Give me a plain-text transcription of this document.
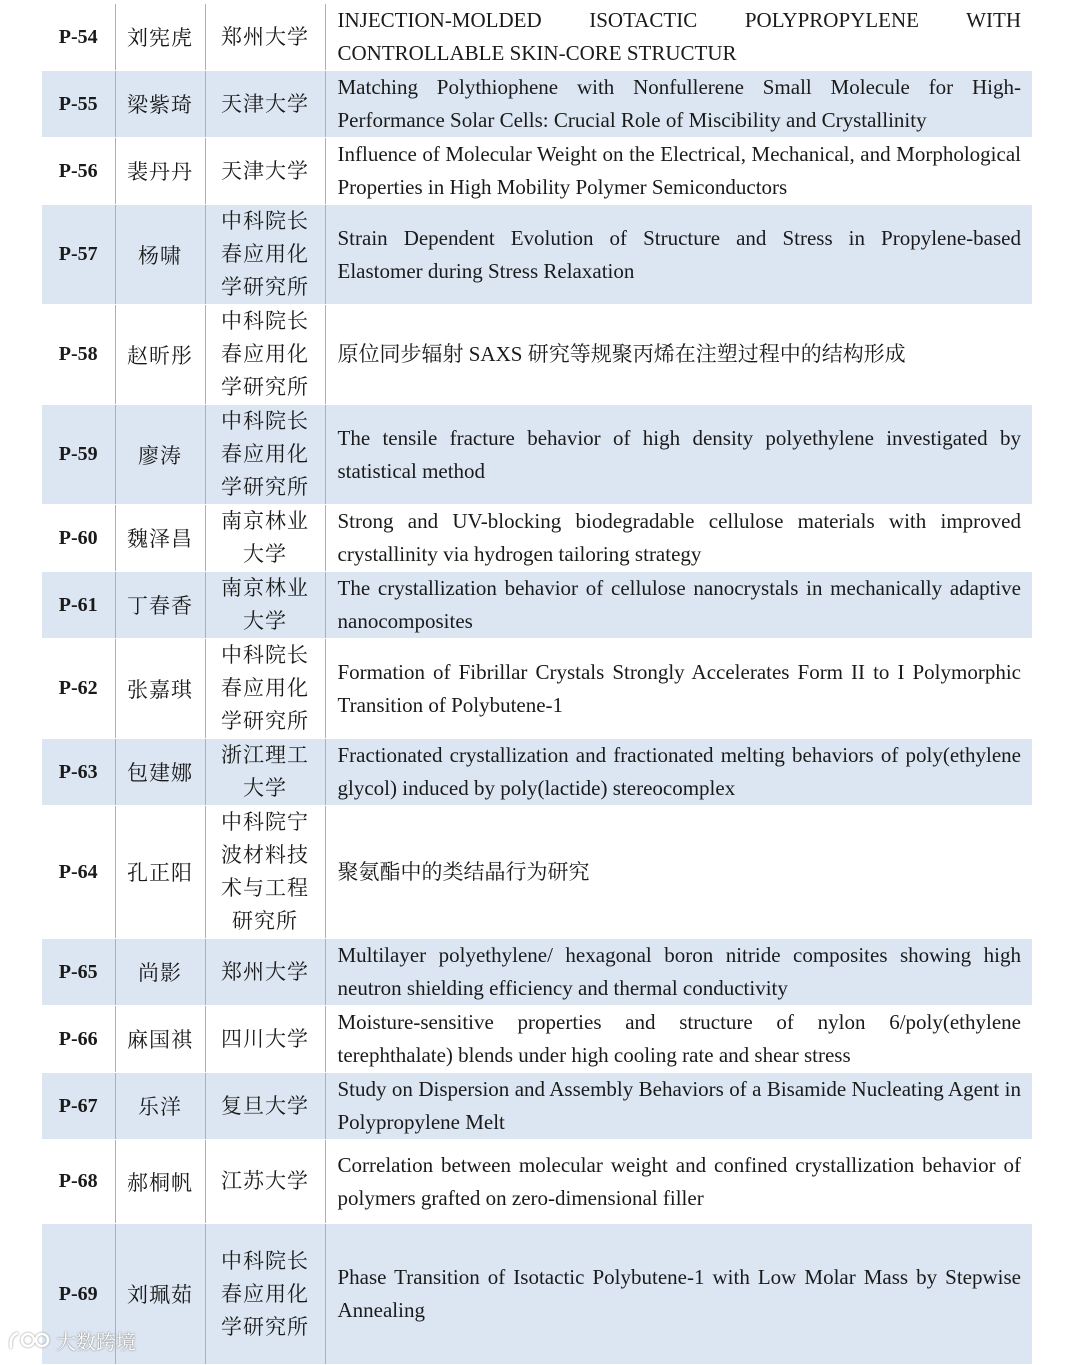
P-54	刘宪虎	郑州大学	INJECTION-MOLDED ISOTACTIC POLYPROPYLENE WITH CONTROLLABLE SKIN-CORE STRUCTUR
P-55	梁紫琦	天津大学	Matching Polythiophene with Nonfullerene Small Molecule for High-Performance Solar Cells: Crucial Role of Miscibility and Crystallinity
P-56	裴丹丹	天津大学	Influence of Molecular Weight on the Electrical, Mechanical, and Morphological Properties in High Mobility Polymer Semiconductors
P-57	杨啸	中科院长春应用化学研究所	Strain Dependent Evolution of Structure and Stress in Propylene-based Elastomer during Stress Relaxation
P-58	赵昕彤	中科院长春应用化学研究所	原位同步辐射 SAXS 研究等规聚丙烯在注塑过程中的结构形成
P-59	廖涛	中科院长春应用化学研究所	The tensile fracture behavior of high density polyethylene investigated by statistical method
P-60	魏泽昌	南京林业大学	Strong and UV-blocking biodegradable cellulose materials with improved crystallinity via hydrogen tailoring strategy
P-61	丁春香	南京林业大学	The crystallization behavior of cellulose nanocrystals in mechanically adaptive nanocomposites
P-62	张嘉琪	中科院长春应用化学研究所	Formation of Fibrillar Crystals Strongly Accelerates Form II to I Polymorphic Transition of Polybutene-1
P-63	包建娜	浙江理工大学	Fractionated crystallization and fractionated melting behaviors of poly(ethylene glycol) induced by poly(lactide) stereocomplex
P-64	孔正阳	中科院宁波材料技术与工程研究所	聚氨酯中的类结晶行为研究
P-65	尚影	郑州大学	Multilayer polyethylene/ hexagonal boron nitride composites showing high neutron shielding efficiency and thermal conductivity
P-66	麻国祺	四川大学	Moisture-sensitive properties and structure of nylon 6/poly(ethylene terephthalate) blends under high cooling rate and shear stress
P-67	乐洋	复旦大学	Study on Dispersion and Assembly Behaviors of a Bisamide Nucleating Agent in Polypropylene Melt
P-68	郝桐帆	江苏大学	Correlation between molecular weight and confined crystallization behavior of polymers grafted on zero-dimensional filler
P-69	刘珮茹	中科院长春应用化学研究所	Phase Transition of Isotactic Polybutene-1 with Low Molar Mass by Stepwise Annealing
大数跨境
